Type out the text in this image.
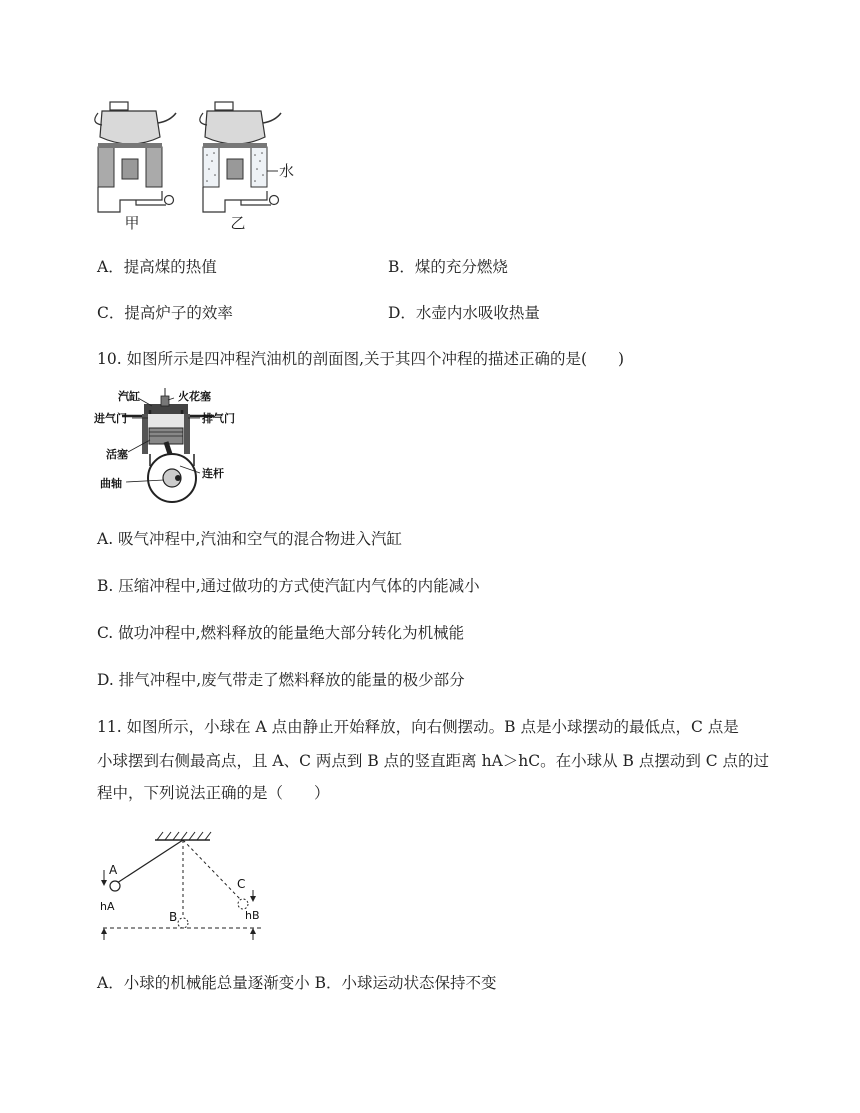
甲	乙
水
A．提高煤的热值	B．煤的充分燃烧
C．提高炉子的效率	D．水壶内水吸收热量
10. 如图所示是四冲程汽油机的剖面图,关于其四个冲程的描述正确的是(　　)
汽缸	火花塞
进气门	排气门
活塞
连杆
曲轴
A. 吸气冲程中,汽油和空气的混合物进入汽缸
B. 压缩冲程中,通过做功的方式使汽缸内气体的内能减小
C. 做功冲程中,燃料释放的能量绝大部分转化为机械能
D. 排气冲程中,废气带走了燃料释放的能量的极少部分
11. 如图所示，小球在 A 点由静止开始释放，向右侧摆动。B 点是小球摆动的最低点，C 点是
小球摆到右侧最高点，且 A、C 两点到 B 点的竖直距离 hA＞hC。在小球从 B 点摆动到 C 点的过
程中，下列说法正确的是（　　）
A
B
C
hA
hB
A．小球的机械能总量逐渐变小 B．小球运动状态保持不变
